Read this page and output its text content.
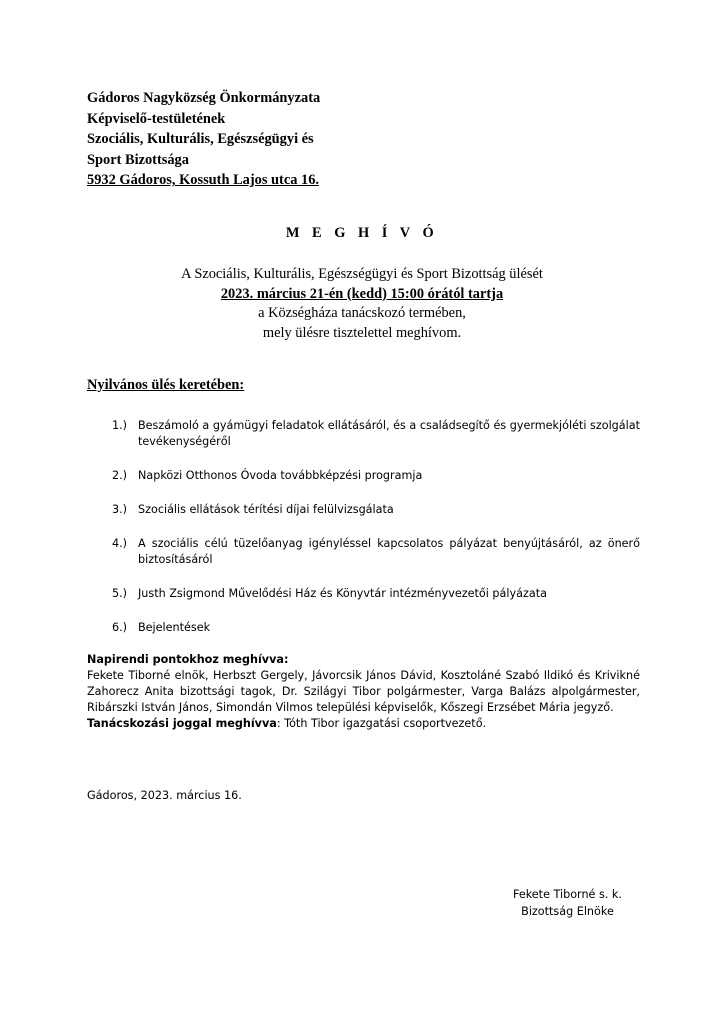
Gádoros Nagyközség Önkormányzata
Képviselő-testületének
Szociális, Kulturális, Egészségügyi és
Sport Bizottsága
5932 Gádoros, Kossuth Lajos utca 16.
M E G H Í V Ó
A Szociális, Kulturális, Egészségügyi és Sport Bizottság ülését
2023. március 21-én (kedd) 15:00 órától tartja
a Községháza tanácskozó termében,
mely ülésre tisztelettel meghívom.
Nyilvános ülés keretében:
1.) Beszámoló a gyámügyi feladatok ellátásáról, és a családsegítő és gyermekjóléti szolgálat tevékenységéről
2.) Napközi Otthonos Óvoda továbbképzési programja
3.) Szociális ellátások térítési díjai felülvizsgálata
4.) A szociális célú tüzelőanyag igényléssel kapcsolatos pályázat benyújtásáról, az önerő biztosításáról
5.) Justh Zsigmond Művelődési Ház és Könyvtár intézményvezetői pályázata
6.) Bejelentések
Napirendi pontokhoz meghívva:
Fekete Tiborné elnök, Herbszt Gergely, Jávorcsik János Dávid, Kosztoláné Szabó Ildikó és Krivikné Zahorecz Anita bizottsági tagok, Dr. Szilágyi Tibor polgármester, Varga Balázs alpolgármester, Ribárszki István János, Simondán Vilmos települési képviselők, Kőszegi Erzsébet Mária jegyző.
Tanácskozási joggal meghívva: Tóth Tibor igazgatási csoportvezető.
Gádoros, 2023. március 16.
Fekete Tiborné s. k.
Bizottság Elnöke
